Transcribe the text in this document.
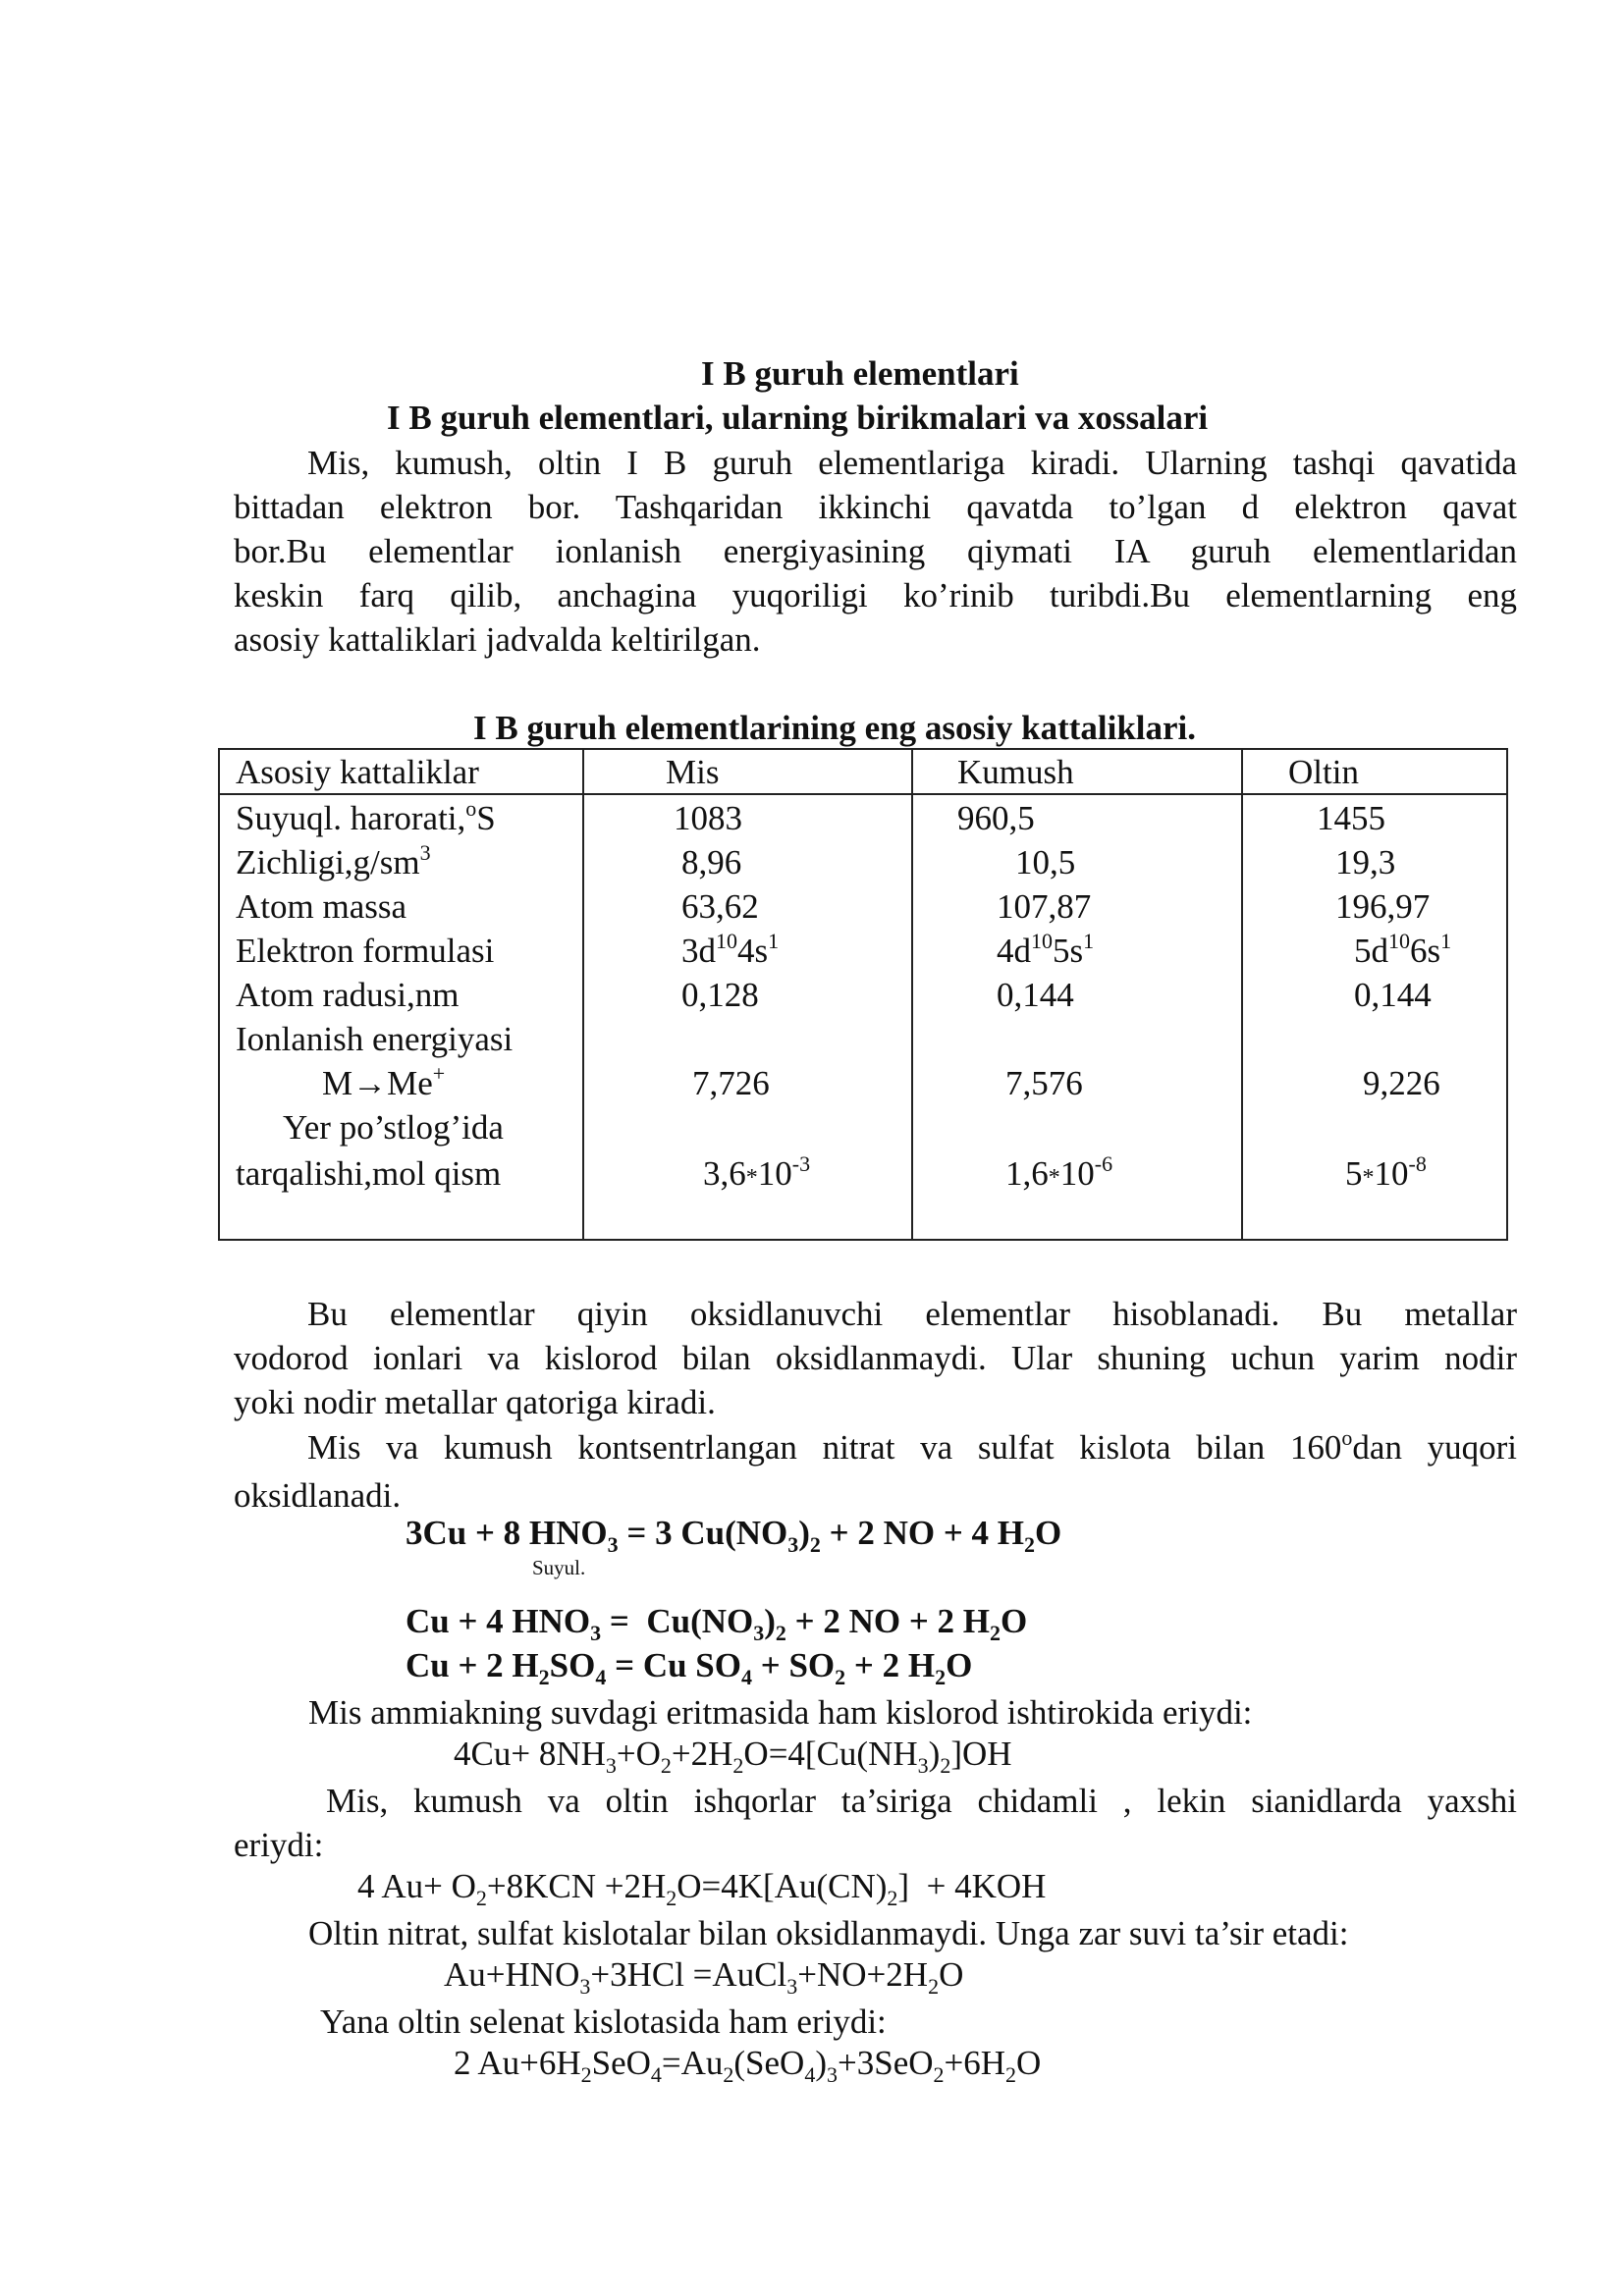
I B guruh elementlari
I B guruh elementlari, ularning birikmalari va xossalari
Mis, kumush, oltin I B guruh elementlariga kiradi. Ularning tashqi qavatida
bittadan elektron bor. Tashqaridan ikkinchi qavatda to’lgan d elektron qavat
bor.Bu elementlar ionlanish energiyasining qiymati IA guruh elementlaridan
keskin farq qilib, anchagina yuqoriligi ko’rinib turibdi.Bu elementlarning eng
asosiy kattaliklari jadvalda keltirilgan.
I B guruh elementlarining eng asosiy kattaliklari.
Asosiy kattaliklar	Mis	Kumush	Oltin
Suyuql. harorati,$^o$S	1083	960,5	1455
$Zichligi,g/sm^3$	8,96	10,5	19,3
Atom massa	63,62	107,87	196,97
Elektron formulasi	$3d^{10}4s^1$	$4d^{10}5s^1$	$5d^{10}6s^1$
Atom radusi,nm	0,128	0,144	0,144
Ionlanish energiyasi
M→Me+	7,726	7,576	9,226
Yer po’stlog’ida
tarqalishi,mol qism	$3,6*10^{-3}$	$1,6*10^{-6}$	$5*10^{-8}$
Bu elementlar qiyin oksidlanuvchi elementlar hisoblanadi. Bu metallar
vodorod ionlari va kislorod bilan oksidlanmaydi. Ular shuning uchun yarim nodir
yoki nodir metallar qatoriga kiradi.
Mis va kumush kontsentrlangan nitrat va sulfat kislota bilan 160$^o$dan yuqori
oksidlanadi.
3Cu + 8 $HNO_3 = 3$ $Cu(NO_3)_2 + 2$ NO + 4 $H_2O$
Suyul.
Cu + 4 $HNO_3 = Cu(NO_3)_2 + 2$ NO + 2 $H_2O$
Cu + 2 $H_2SO_4 = Cu$ $SO_4 + SO_2 + 2$ $H_2O$
Mis ammiakning suvdagi eritmasida ham kislorod ishtirokida eriydi:
$4Cu+ 8NH_3+O_2+2H_2O=4[Cu(NH_3)_2]OH$
Mis, kumush va oltin ishqorlar ta’siriga chidamli , lekin sianidlarda yaxshi
eriydi:
4 $Au+ O_2+8KCN +2H_2O=4K[Au(CN)_2] + 4KOH$
Oltin nitrat, sulfat kislotalar bilan oksidlanmaydi. Unga zar suvi ta’sir etadi:
$Au+HNO_3+3HCl$ $=AuCl_3+NO+2H_2O$
Yana oltin selenat kislotasida ham eriydi:
2 $Au+6H_2SeO_4=Au_2(SeO_4)_3+3SeO_2+6H_2O$
